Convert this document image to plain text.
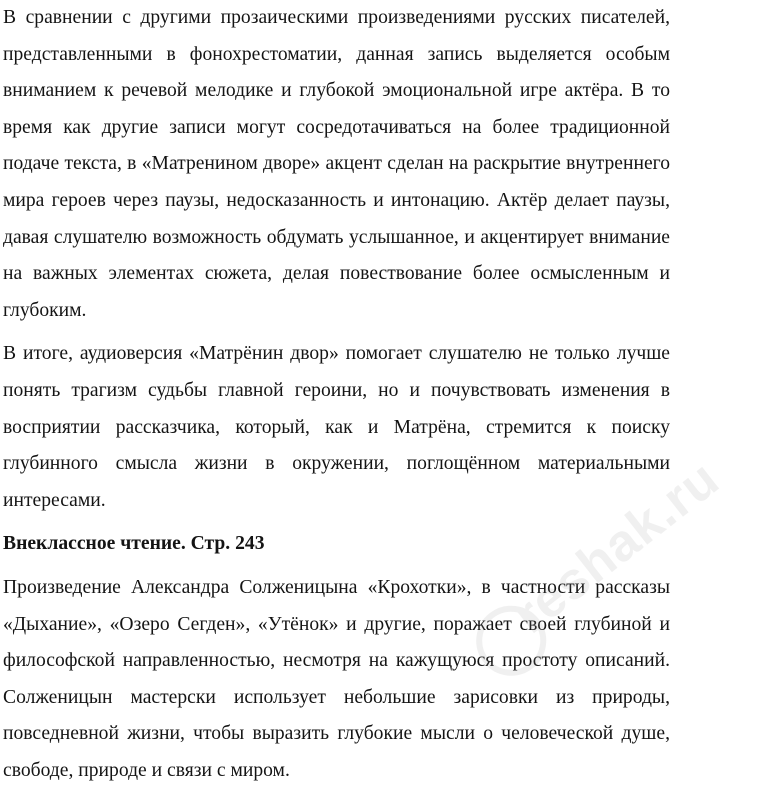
В сравнении с другими прозаическими произведениями русских писателей, представленными в фонохрестоматии, данная запись выделяется особым вниманием к речевой мелодике и глубокой эмоциональной игре актёра. В то время как другие записи могут сосредотачиваться на более традиционной подаче текста, в «Матренином дворе» акцент сделан на раскрытие внутреннего мира героев через паузы, недосказанность и интонацию. Актёр делает паузы, давая слушателю возможность обдумать услышанное, и акцентирует внимание на важных элементах сюжета, делая повествование более осмысленным и глубоким.

В итоге, аудиоверсия «Матрёнин двор» помогает слушателю не только лучше понять трагизм судьбы главной героини, но и почувствовать изменения в восприятии рассказчика, который, как и Матрёна, стремится к поиску глубинного смысла жизни в окружении, поглощённом материальными интересами.

Внеклассное чтение. Стр. 243

Произведение Александра Солженицына «Крохотки», в частности рассказы «Дыхание», «Озеро Сегден», «Утёнок» и другие, поражает своей глубиной и философской направленностью, несмотря на кажущуюся простоту описаний. Солженицын мастерски использует небольшие зарисовки из природы, повседневной жизни, чтобы выразить глубокие мысли о человеческой душе, свободе, природе и связи с миром.

reshak.ru
